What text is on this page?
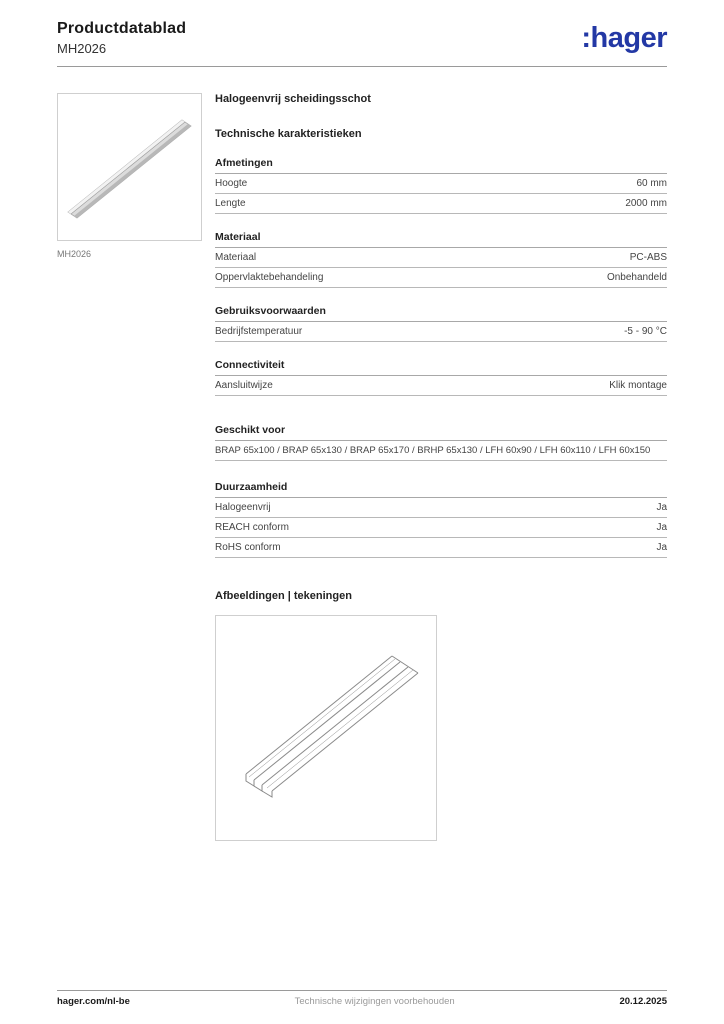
Productdatablad
MH2026	:hager
MH2026
Halogeenvrij scheidingsschot
Technische karakteristieken
Afmetingen
Hoogte	60 mm
Lengte	2000 mm
Materiaal
Materiaal	PC-ABS
Oppervlaktebehandeling	Onbehandeld
Gebruiksvoorwaarden
Bedrijfstemperatuur	-5 - 90 °C
Connectiviteit
Aansluitwijze	Klik montage
Geschikt voor
BRAP 65x100 / BRAP 65x130 / BRAP 65x170 / BRHP 65x130 / LFH 60x90 / LFH 60x110 / LFH 60x150
Duurzaamheid
Halogeenvrij	Ja
REACH conform	Ja
RoHS conform	Ja
Afbeeldingen | tekeningen
hager.com/nl-be	Technische wijzigingen voorbehouden	20.12.2025
